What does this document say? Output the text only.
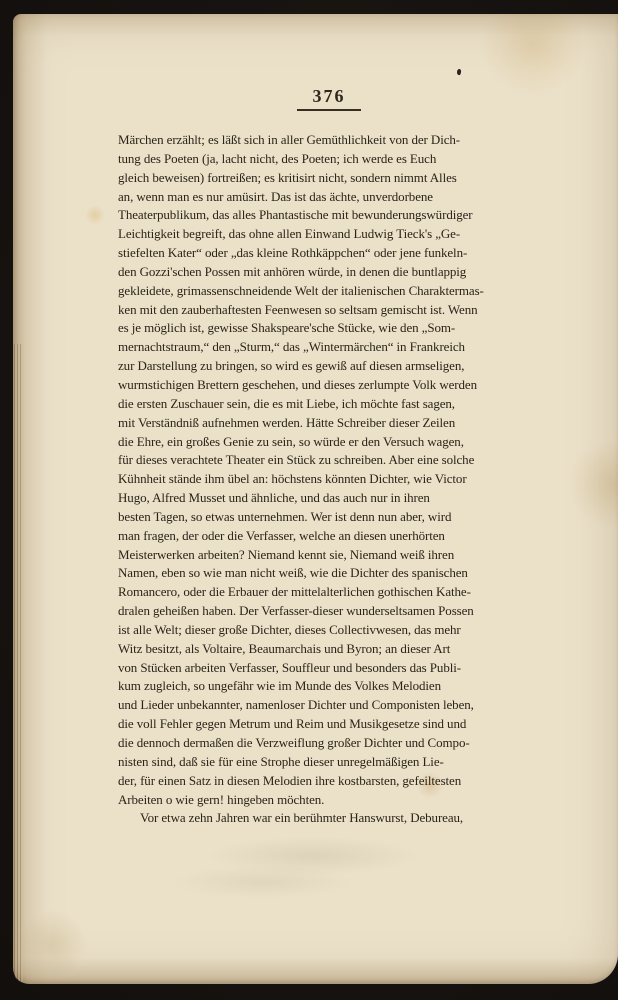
376
Märchen erzählt; es läßt sich in aller Gemüthlichkeit von der Dich-
tung des Poeten (ja, lacht nicht, des Poeten; ich werde es Euch
gleich beweisen) fortreißen; es kritisirt nicht, sondern nimmt Alles
an, wenn man es nur amüsirt. Das ist das ächte, unverdorbene
Theaterpublikum, das alles Phantastische mit bewunderungswürdiger
Leichtigkeit begreift, das ohne allen Einwand Ludwig Tieck's „Ge-
stiefelten Kater“ oder „das kleine Rothkäppchen“ oder jene funkeln-
den Gozzi'schen Possen mit anhören würde, in denen die buntlappig
gekleidete, grimassenschneidende Welt der italienischen Charaktermas-
ken mit den zauberhaftesten Feenwesen so seltsam gemischt ist. Wenn
es je möglich ist, gewisse Shakspeare'sche Stücke, wie den „Som-
mernachtstraum,“ den „Sturm,“ das „Wintermärchen“ in Frankreich
zur Darstellung zu bringen, so wird es gewiß auf diesen armseligen,
wurmstichigen Brettern geschehen, und dieses zerlumpte Volk werden
die ersten Zuschauer sein, die es mit Liebe, ich möchte fast sagen,
mit Verständniß aufnehmen werden. Hätte Schreiber dieser Zeilen
die Ehre, ein großes Genie zu sein, so würde er den Versuch wagen,
für dieses verachtete Theater ein Stück zu schreiben. Aber eine solche
Kühnheit stände ihm übel an: höchstens könnten Dichter, wie Victor
Hugo, Alfred Musset und ähnliche, und das auch nur in ihren
besten Tagen, so etwas unternehmen. Wer ist denn nun aber, wird
man fragen, der oder die Verfasser, welche an diesen unerhörten
Meisterwerken arbeiten? Niemand kennt sie, Niemand weiß ihren
Namen, eben so wie man nicht weiß, wie die Dichter des spanischen
Romancero, oder die Erbauer der mittelalterlichen gothischen Kathe-
dralen geheißen haben. Der Verfasser-dieser wunderseltsamen Possen
ist alle Welt; dieser große Dichter, dieses Collectivwesen, das mehr
Witz besitzt, als Voltaire, Beaumarchais und Byron; an dieser Art
von Stücken arbeiten Verfasser, Souffleur und besonders das Publi-
kum zugleich, so ungefähr wie im Munde des Volkes Melodien
und Lieder unbekannter, namenloser Dichter und Componisten leben,
die voll Fehler gegen Metrum und Reim und Musikgesetze sind und
die dennoch dermaßen die Verzweiflung großer Dichter und Compo-
nisten sind, daß sie für eine Strophe dieser unregelmäßigen Lie-
der, für einen Satz in diesen Melodien ihre kostbarsten, gefeiltesten
Arbeiten o wie gern! hingeben möchten.
Vor etwa zehn Jahren war ein berühmter Hanswurst, Debureau,
